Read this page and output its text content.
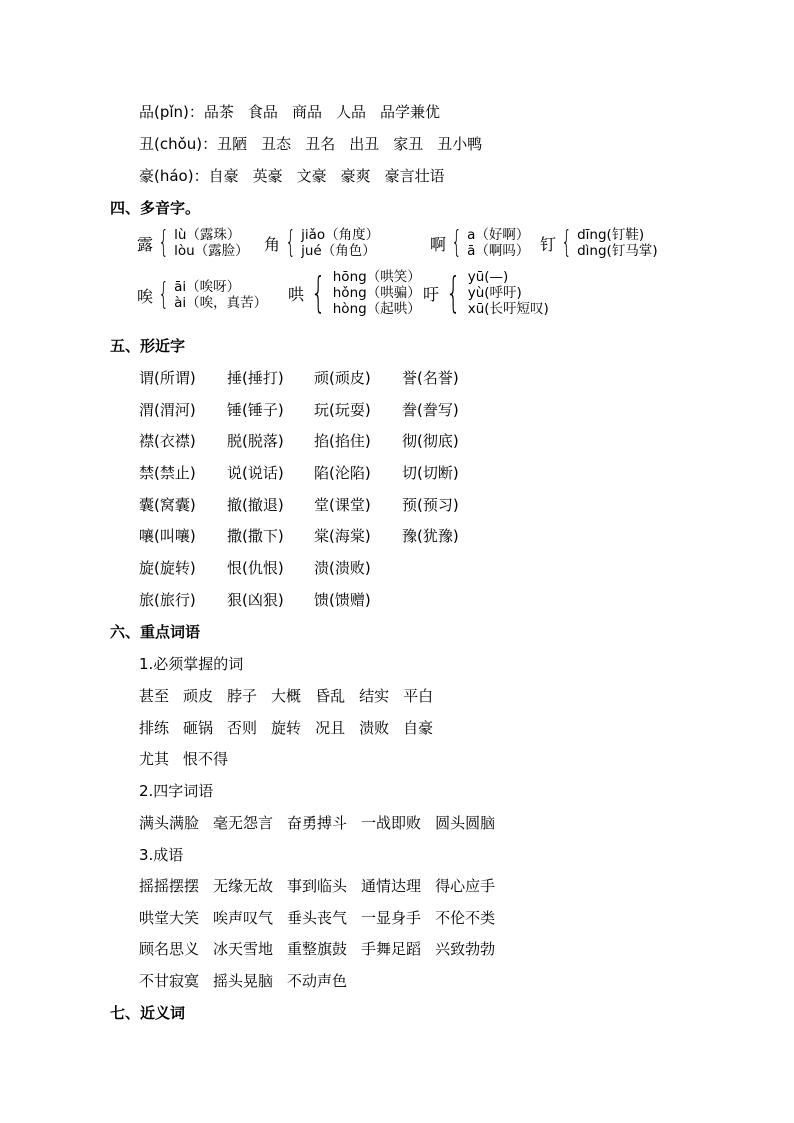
品(pǐn)：品茶 食品 商品 人品 品学兼优
丑(chǒu)：丑陋 丑态 丑名 出丑 家丑 丑小鸭
豪(háo)：自豪 英豪 文豪 豪爽 豪言壮语
四、多音字。
露 { lù（露珠）
lòu（露脸） 角 { jiǎo（角度）
jué（角色）	啊 { a（好啊）
ā（啊吗） 钉 { dīng(钉鞋)
dìng(钉马掌)
唉 { āi（唉呀）
ài（唉，真苦） 哄 { hōng（哄笑）
hǒng（哄骗）
hòng（起哄）
吁 { yū(—)
yù(呼吁)
xū(长吁短叹)
五、形近字
谓(所谓) 捶(捶打) 顽(顽皮) 誉(名誉)
渭(渭河) 锤(锤子) 玩(玩耍) 誊(誊写)
襟(衣襟) 脱(脱落) 掐(掐住) 彻(彻底)
禁(禁止) 说(说话) 陷(沦陷) 切(切断)
囊(窝囊) 撤(撤退) 堂(课堂) 预(预习)
嚷(叫嚷) 撒(撒下) 棠(海棠) 豫(犹豫)
旋(旋转) 恨(仇恨) 溃(溃败)
旅(旅行) 狠(凶狠) 馈(馈赠)
六、重点词语
1.必须掌握的词
甚至 顽皮 脖子 大概 昏乱 结实 平白
排练 砸锅 否则 旋转 况且 溃败 自豪
尤其 恨不得
2.四字词语
满头满脸 毫无怨言 奋勇搏斗 一战即败 圆头圆脑
3.成语
摇摇摆摆 无缘无故 事到临头 通情达理 得心应手
哄堂大笑 唉声叹气 垂头丧气 一显身手 不伦不类
顾名思义 冰天雪地 重整旗鼓 手舞足蹈 兴致勃勃
不甘寂寞 摇头晃脑 不动声色
七、近义词
